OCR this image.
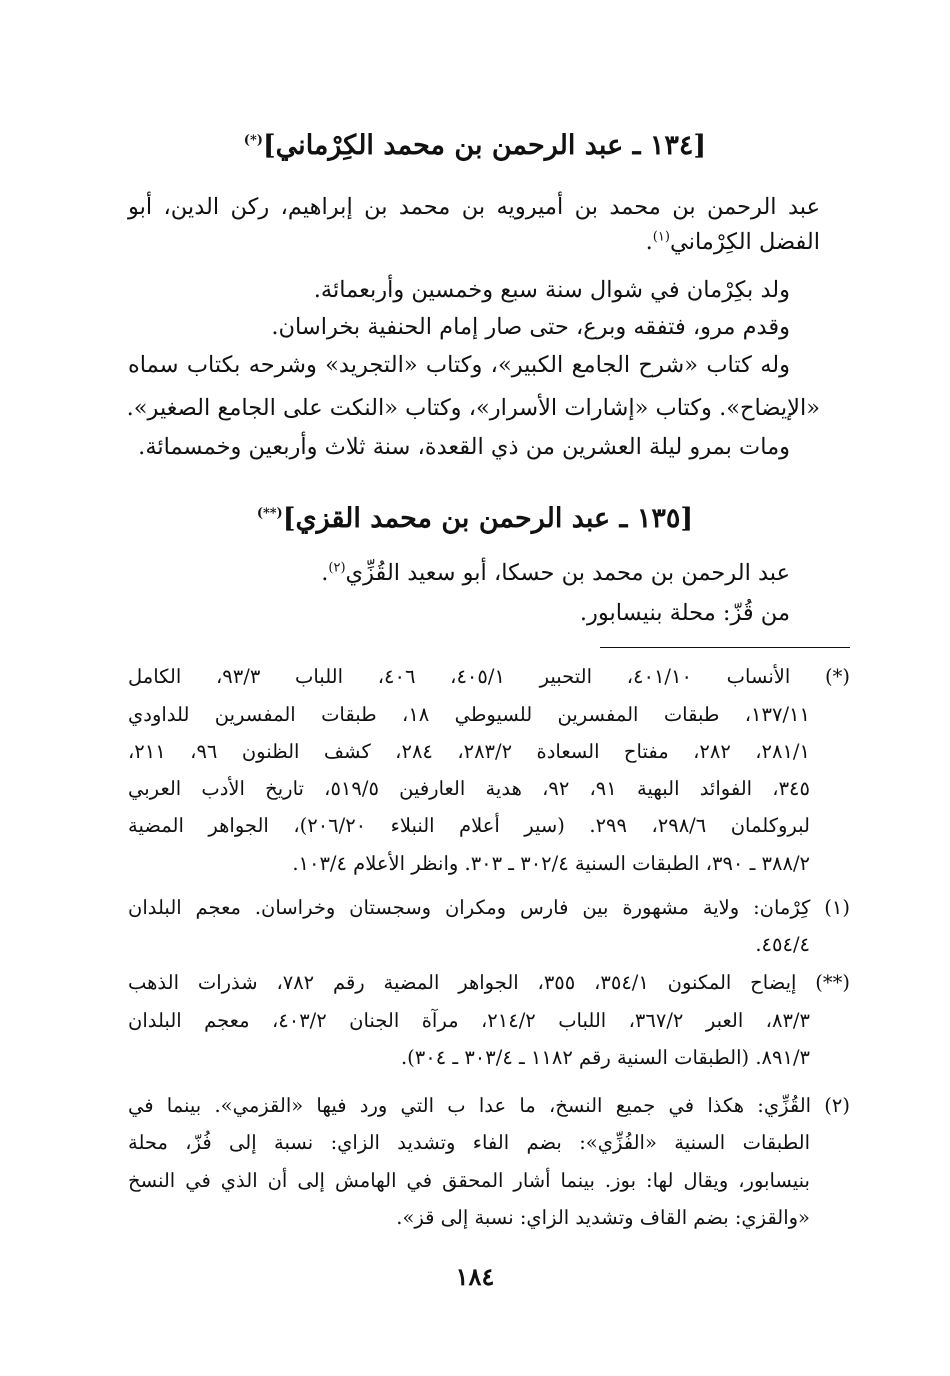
[١٣٤ ـ عبد الرحمن بن محمد الكِرْماني](*)
عبد الرحمن بن محمد بن أميرويه بن محمد بن إبراهيم، ركن الدين، أبو
الفضل الكِرْماني$^{(١)}$.
ولد بكِرْمان في شوال سنة سبع وخمسين وأربعمائة.
وقدم مرو، فتفقه وبرع، حتى صار إمام الحنفية بخراسان.
وله كتاب «شرح الجامع الكبير»، وكتاب «التجريد» وشرحه بكتاب سماه
«الإيضاح». وكتاب «إشارات الأسرار»، وكتاب «النكت على الجامع الصغير».
ومات بمرو ليلة العشرين من ذي القعدة، سنة ثلاث وأربعين وخمسمائة.
[١٣٥ ـ عبد الرحمن بن محمد القزي](**)
عبد الرحمن بن محمد بن حسكا، أبو سعيد القُزِّي$^{(٢)}$.
من قُزّ: محلة بنيسابور.
(*) الأنساب ٤٠١/١٠، التحبير ٤٠٥/١، ٤٠٦، اللباب ٩٣/٣، الكامل
١٣٧/١١، طبقات المفسرين للسيوطي ١٨، طبقات المفسرين للداودي
٢٨١/١، ٢٨٢، مفتاح السعادة ٢٨٣/٢، ٢٨٤، كشف الظنون ٩٦، ٢١١،
٣٤٥، الفوائد البهية ٩١، ٩٢، هدية العارفين ٥١٩/٥، تاريخ الأدب العربي
لبروكلمان ٢٩٨/٦، ٢٩٩. (سير أعلام النبلاء ٢٠٦/٢٠)، الجواهر المضية
٣٨٨/٢ ـ ٣٩٠، الطبقات السنية ٣٠٢/٤ ـ ٣٠٣. وانظر الأعلام ١٠٣/٤.
(١) كِرْمان: ولاية مشهورة بين فارس ومكران وسجستان وخراسان. معجم البلدان
٤٥٤/٤.
(**) إيضاح المكنون ٣٥٤/١، ٣٥٥، الجواهر المضية رقم ٧٨٢، شذرات الذهب
٨٣/٣، العبر ٣٦٧/٢، اللباب ٢١٤/٢، مرآة الجنان ٤٠٣/٢، معجم البلدان
٨٩١/٣. (الطبقات السنية رقم ١١٨٢ ـ ٣٠٣/٤ ـ ٣٠٤).
(٢) القُزِّي: هكذا في جميع النسخ، ما عدا ب التي ورد فيها «القزمي». بينما في
الطبقات السنية «الفُزِّي»: بضم الفاء وتشديد الزاي: نسبة إلى فُزّ، محلة
بنيسابور، ويقال لها: بوز. بينما أشار المحقق في الهامش إلى أن الذي في النسخ
«والقزي: بضم القاف وتشديد الزاي: نسبة إلى قز».
١٨٤
